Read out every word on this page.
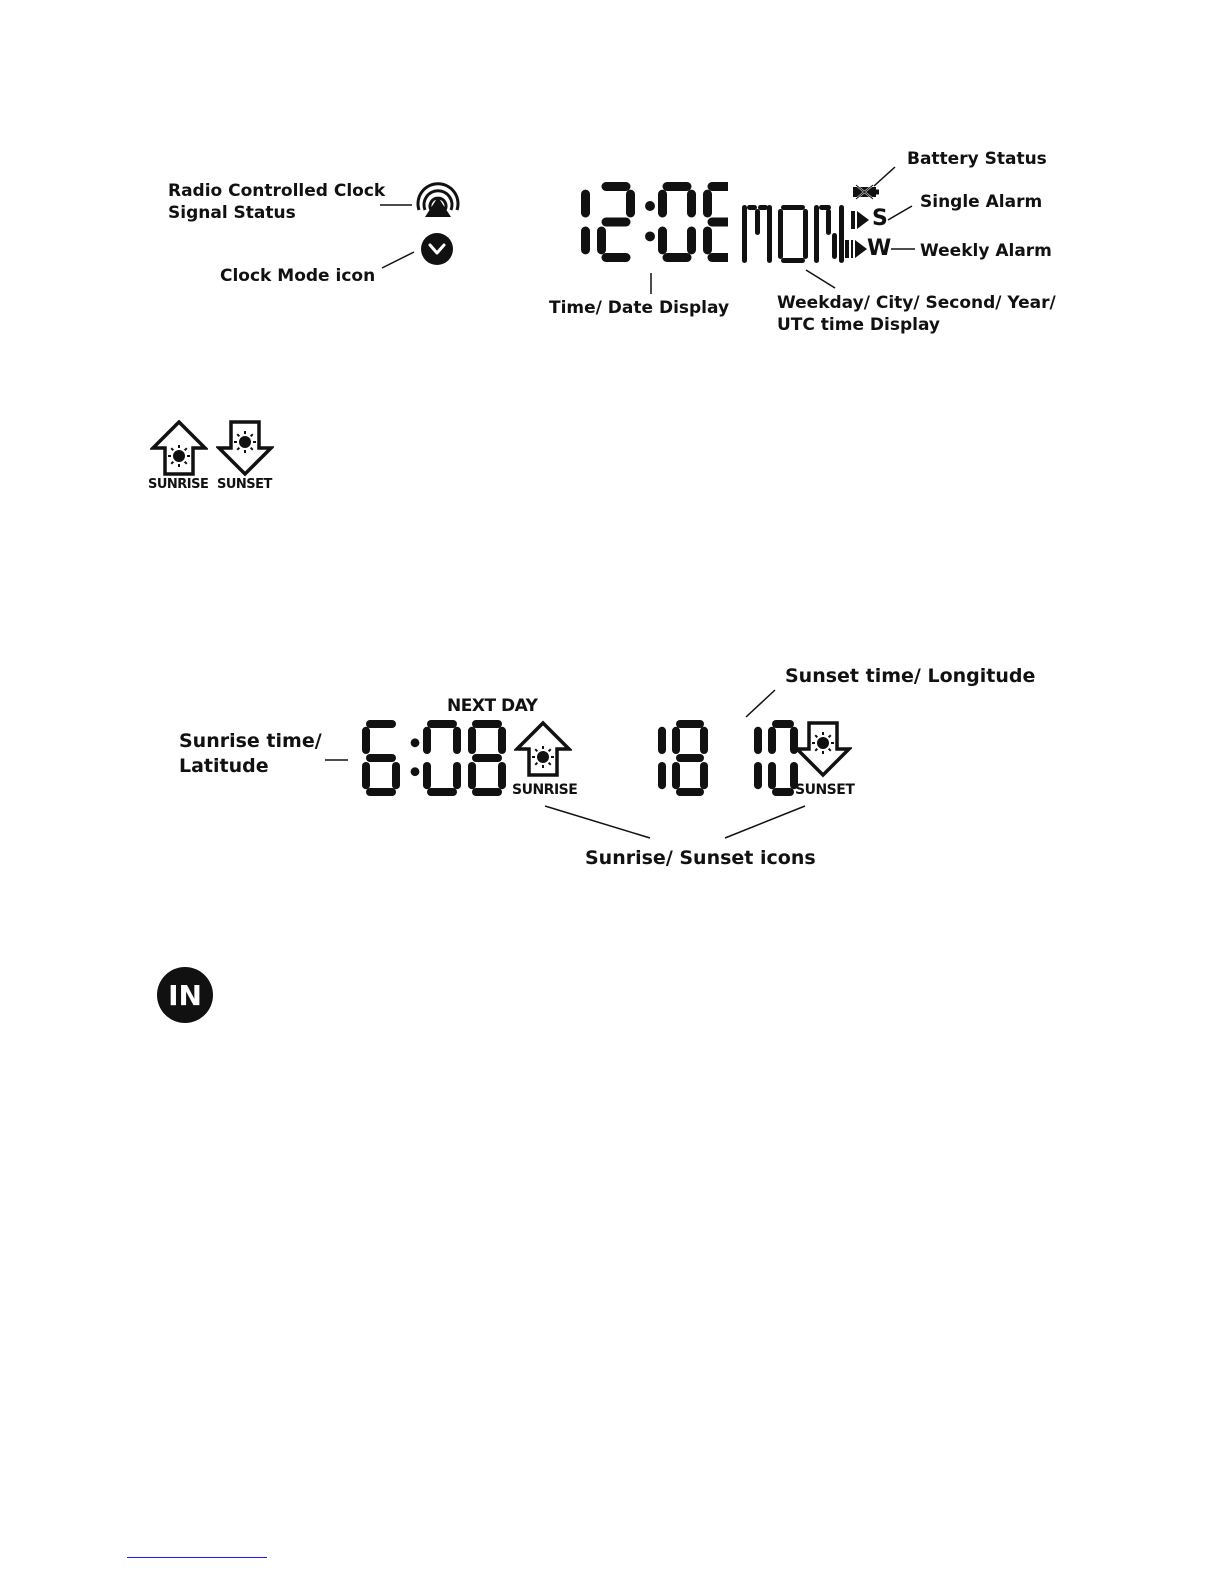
Radio Controlled Clock
Signal Status
Clock Mode icon
S
W
Battery Status
Single Alarm
Weekly Alarm
Time/ Date Display	Weekday/ City/ Second/ Year/
UTC time Display
SUNRISE SUNSET
Sunrise time/
Latitude
Sunset time/ Longitude
Sunrise/ Sunset icons
NEXT DAY
SUNRISE	SUNSET
IN
